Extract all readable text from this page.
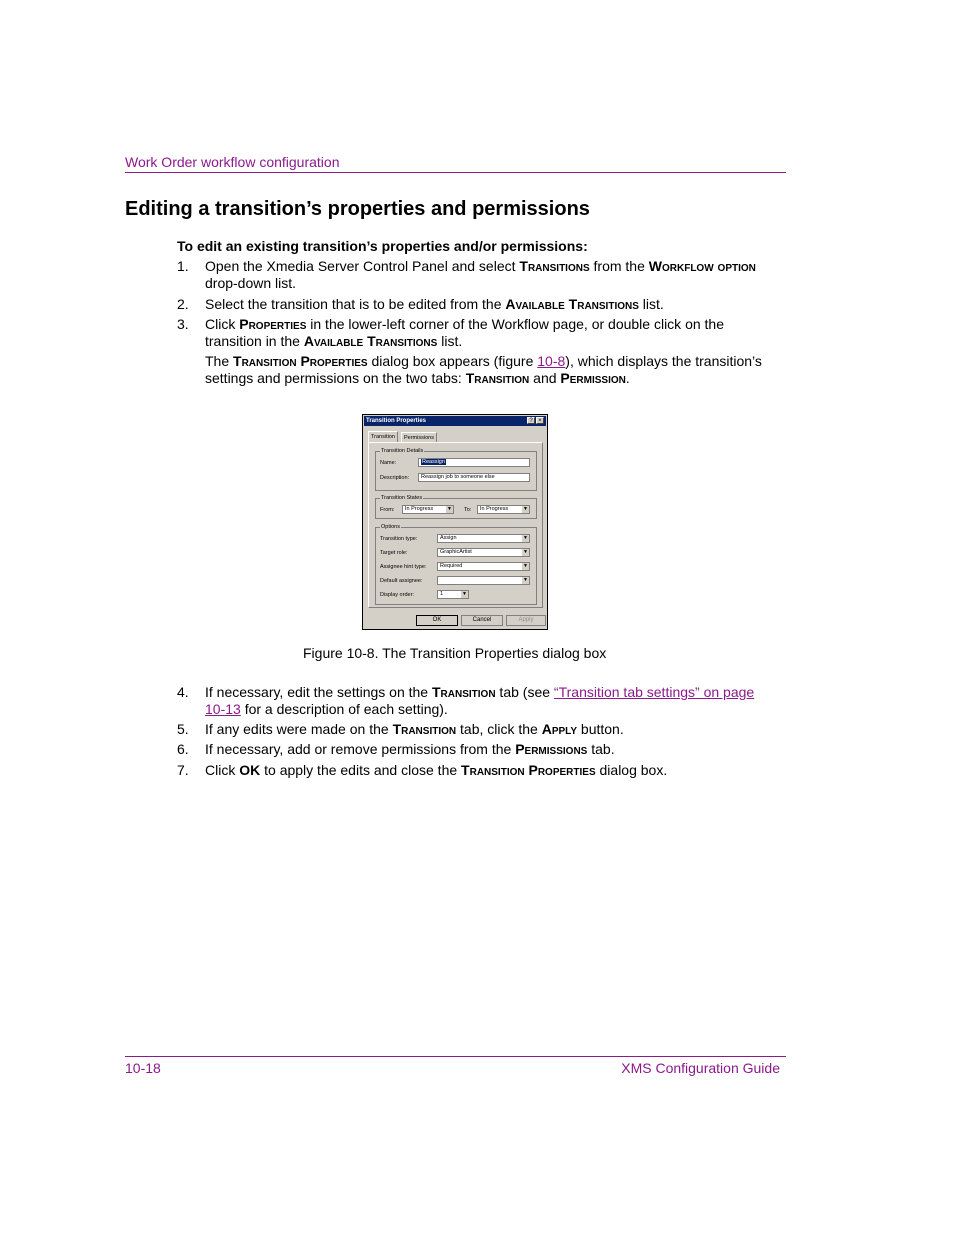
Work Order workflow configuration
Editing a transition’s properties and permissions
To edit an existing transition’s properties and/or permissions:
1. Open the Xmedia Server Control Panel and select Transitions from the Workflow option drop-down list.
2. Select the transition that is to be edited from the Available Transitions list.
3. Click Properties in the lower-left corner of the Workflow page, or double click on the transition in the Available Transitions list.
The Transition Properties dialog box appears (figure 10-8), which displays the transition’s settings and permissions on the two tabs: Transition and Permission.
Transition Properties	? ×
Transition	Permissions
Transition Details
Name:	Reassign
Description:	Reassign job to someone else
Transition States
From:	In Progress	▼ To:	In Progress	▼
Options
Transition type:	Assign	▼
Target role:	GraphicArtist	▼
Assignee hint type:	Required	▼
Default assignee:	▼
Display order:	1	▼
OK	Cancel	Apply
Figure 10-8. The Transition Properties dialog box
4. If necessary, edit the settings on the Transition tab (see “Transition tab settings” on page 10-13 for a description of each setting).
5. If any edits were made on the Transition tab, click the Apply button.
6. If necessary, add or remove permissions from the Permissions tab.
7. Click OK to apply the edits and close the Transition Properties dialog box.
10-18	XMS Configuration Guide
